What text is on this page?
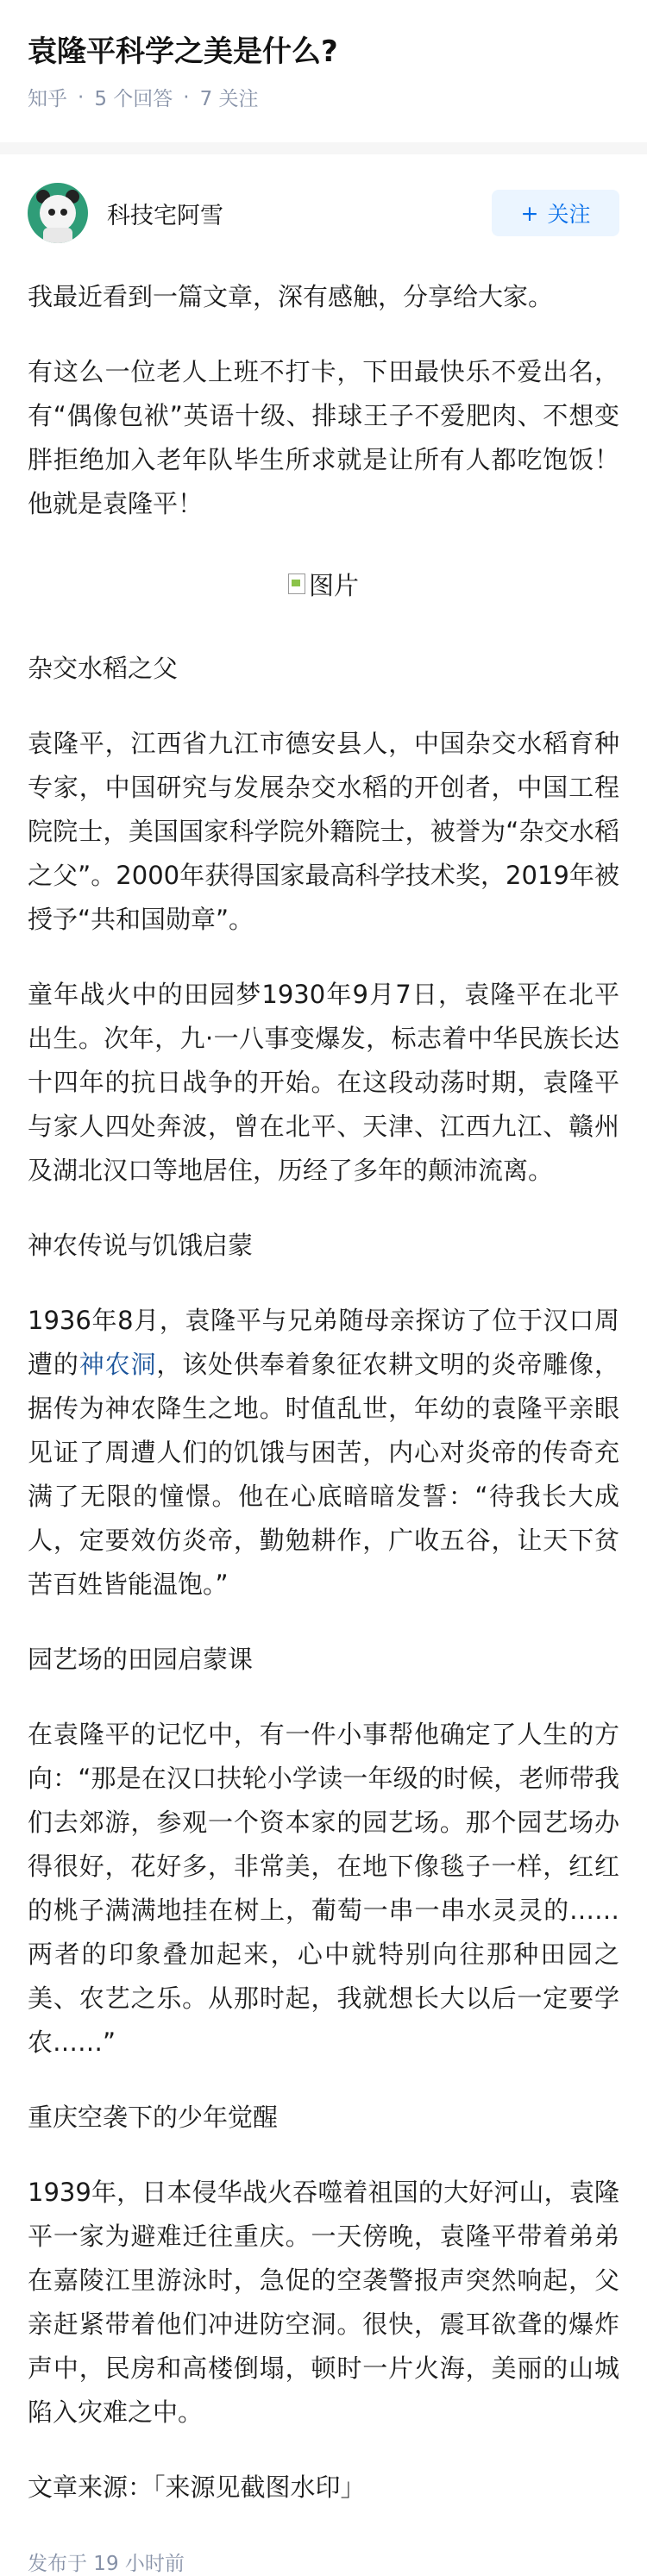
袁隆平科学之美是什么?
知乎 · 5 个回答 · 7 关注
科技宅阿雪	+ 关注

我最近看到一篇文章，深有感触，分享给大家。

有这么一位老人上班不打卡，下田最快乐不爱出名，有“偶像包袱”英语十级、排球王子不爱肥肉、不想变胖拒绝加入老年队毕生所求就是让所有人都吃饱饭！他就是袁隆平！

图片

杂交水稻之父

袁隆平，江西省九江市德安县人，中国杂交水稻育种专家，中国研究与发展杂交水稻的开创者，中国工程院院士，美国国家科学院外籍院士，被誉为“杂交水稻之父”。2000年获得国家最高科学技术奖，2019年被授予“共和国勋章”。

童年战火中的田园梦1930年9月7日，袁隆平在北平出生。次年，九·一八事变爆发，标志着中华民族长达十四年的抗日战争的开始。在这段动荡时期，袁隆平与家人四处奔波，曾在北平、天津、江西九江、赣州及湖北汉口等地居住，历经了多年的颠沛流离。

神农传说与饥饿启蒙

1936年8月，袁隆平与兄弟随母亲探访了位于汉口周遭的神农洞，该处供奉着象征农耕文明的炎帝雕像，据传为神农降生之地。时值乱世，年幼的袁隆平亲眼见证了周遭人们的饥饿与困苦，内心对炎帝的传奇充满了无限的憧憬。他在心底暗暗发誓：“待我长大成人，定要效仿炎帝，勤勉耕作，广收五谷，让天下贫苦百姓皆能温饱。”

园艺场的田园启蒙课

在袁隆平的记忆中，有一件小事帮他确定了人生的方向：“那是在汉口扶轮小学读一年级的时候，老师带我们去郊游，参观一个资本家的园艺场。那个园艺场办得很好，花好多，非常美，在地下像毯子一样，红红的桃子满满地挂在树上，葡萄一串一串水灵灵的……两者的印象叠加起来，心中就特别向往那种田园之美、农艺之乐。从那时起，我就想长大以后一定要学农……”

重庆空袭下的少年觉醒

1939年，日本侵华战火吞噬着祖国的大好河山，袁隆平一家为避难迁往重庆。一天傍晚，袁隆平带着弟弟在嘉陵江里游泳时，急促的空袭警报声突然响起，父亲赶紧带着他们冲进防空洞。很快，震耳欲聋的爆炸声中，民房和高楼倒塌，顿时一片火海，美丽的山城陷入灾难之中。

文章来源：「来源见截图水印」

发布于 19 小时前
